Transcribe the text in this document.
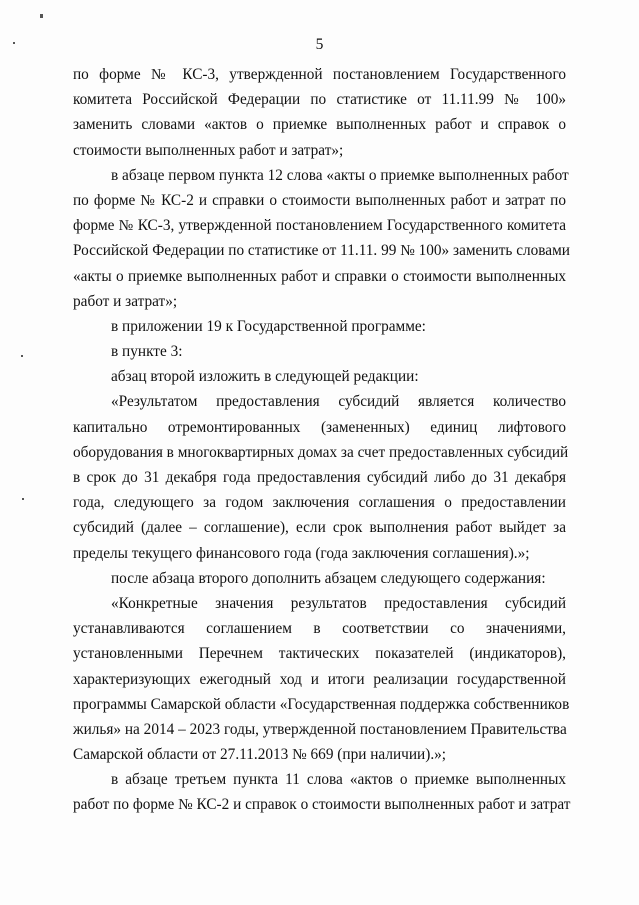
5
по форме № КС-3, утвержденной постановлением Государственного
комитета Российской Федерации по статистике от 11.11.99 № 100»
заменить словами «актов о приемке выполненных работ и справок о
стоимости выполненных работ и затрат»;
в абзаце первом пункта 12 слова «акты о приемке выполненных работ
по форме № КС-2 и справки о стоимости выполненных работ и затрат по
форме № КС-3, утвержденной постановлением Государственного комитета
Российской Федерации по статистике от 11.11. 99 № 100» заменить словами
«акты о приемке выполненных работ и справки о стоимости выполненных
работ и затрат»;
в приложении 19 к Государственной программе:
в пункте 3:
абзац второй изложить в следующей редакции:
«Результатом предоставления субсидий является количество
капитально отремонтированных (замененных) единиц лифтового
оборудования в многоквартирных домах за счет предоставленных субсидий
в срок до 31 декабря года предоставления субсидий либо до 31 декабря
года, следующего за годом заключения соглашения о предоставлении
субсидий (далее – соглашение), если срок выполнения работ выйдет за
пределы текущего финансового года (года заключения соглашения).»;
после абзаца второго дополнить абзацем следующего содержания:
«Конкретные значения результатов предоставления субсидий
устанавливаются соглашением в соответствии со значениями,
установленными Перечнем тактических показателей (индикаторов),
характеризующих ежегодный ход и итоги реализации государственной
программы Самарской области «Государственная поддержка собственников
жилья» на 2014 – 2023 годы, утвержденной постановлением Правительства
Самарской области от 27.11.2013 № 669 (при наличии).»;
в абзаце третьем пункта 11 слова «актов о приемке выполненных
работ по форме № КС-2 и справок о стоимости выполненных работ и затрат
